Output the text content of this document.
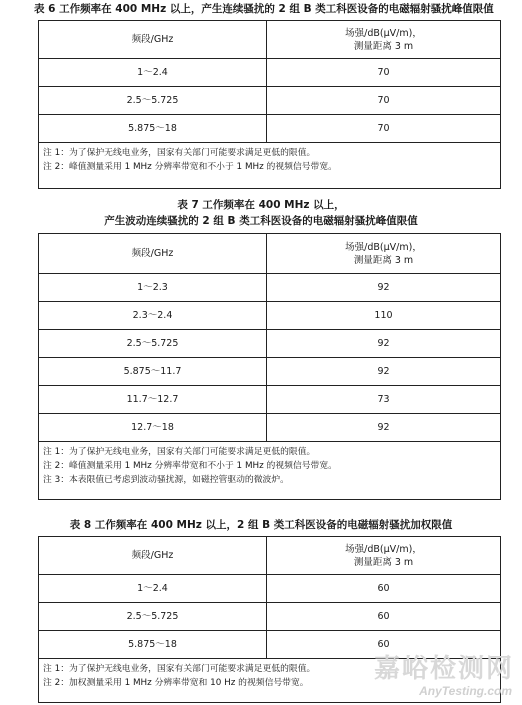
表 6 工作频率在 400 MHz 以上，产生连续骚扰的 2 组 B 类工科医设备的电磁辐射骚扰峰值限值
频段/GHz	场强/dB(μV/m)，
测量距离 3 m

1～2.4	70
2.5～5.725	70
5.875～18	70

注 1：为了保护无线电业务，国家有关部门可能要求满足更低的限值。
注 2：峰值测量采用 1 MHz 分辨率带宽和不小于 1 MHz 的视频信号带宽。	
表 7 工作频率在 400 MHz 以上，
产生波动连续骚扰的 2 组 B 类工科医设备的电磁辐射骚扰峰值限值
频段/GHz	场强/dB(μV/m)，
测量距离 3 m

1～2.3	92
2.3～2.4	110
2.5～5.725	92
5.875～11.7	92
11.7～12.7	73
12.7～18	92

注 1：为了保护无线电业务，国家有关部门可能要求满足更低的限值。
注 2：峰值测量采用 1 MHz 分辨率带宽和不小于 1 MHz 的视频信号带宽。
注 3：本表限值已考虑到波动骚扰源，如磁控管驱动的微波炉。	
表 8 工作频率在 400 MHz 以上，2 组 B 类工科医设备的电磁辐射骚扰加权限值
频段/GHz	场强/dB(μV/m)，
测量距离 3 m

1～2.4	60
2.5～5.725	60
5.875～18	60

注 1：为了保护无线电业务，国家有关部门可能要求满足更低的限值。
注 2：加权测量采用 1 MHz 分辨率带宽和 10 Hz 的视频信号带宽。		嘉峪检测网
AnyTesting.com
